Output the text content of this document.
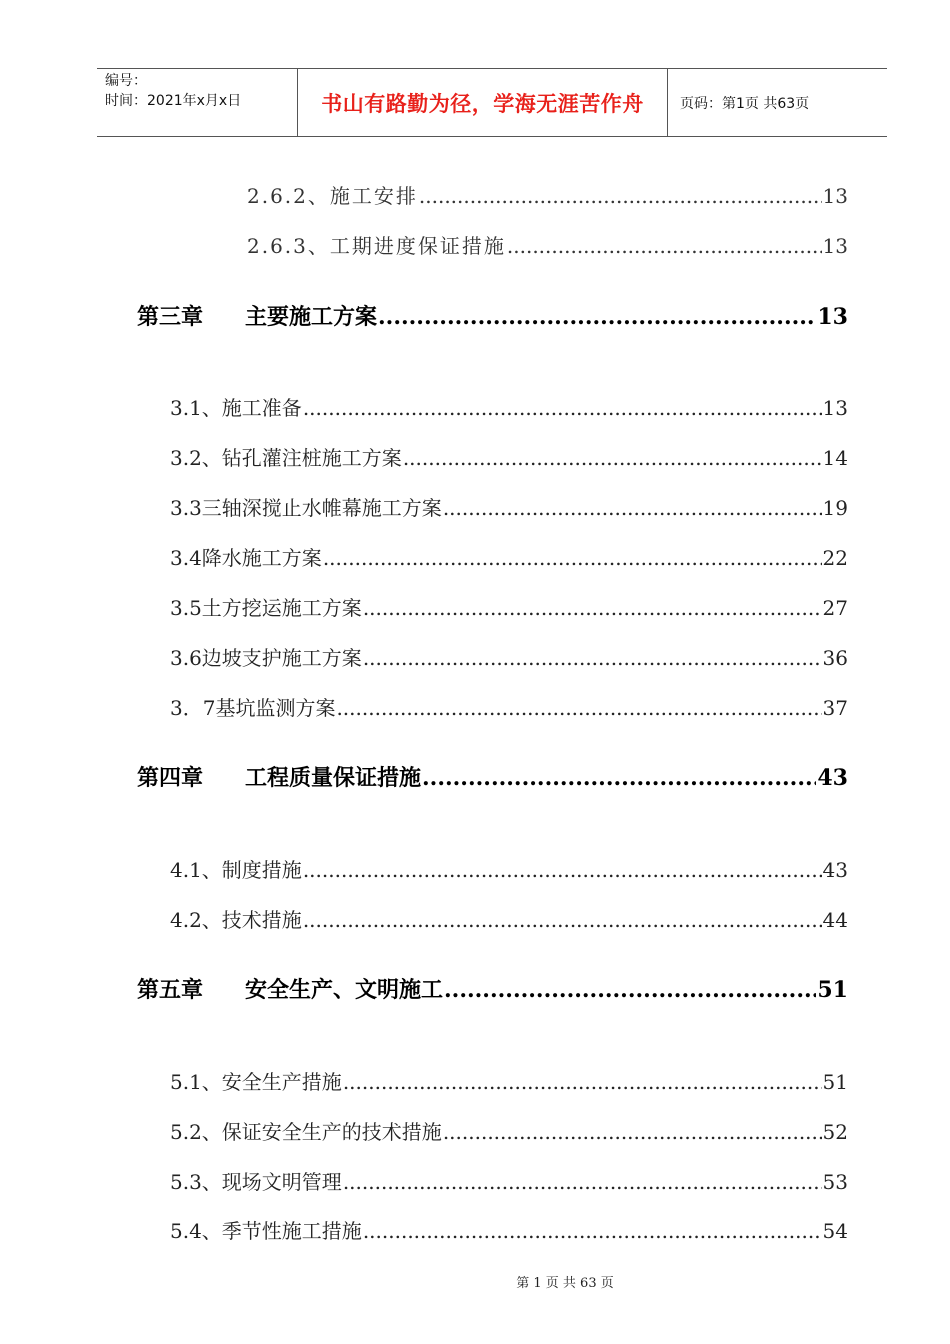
编号：
时间：2021年x月x日	书山有路勤为径，学海无涯苦作舟	页码：第1页 共63页
2.6.2、施工安排 .....	13
2.6.3、工期进度保证措施 .....	13
第三章	主要施工方案 .....	13
3.1、施工准备 .....	13
3.2、钻孔灌注桩施工方案 .....	14
3.3三轴深搅止水帷幕施工方案 .....	19
3.4降水施工方案 .....	22
3.5土方挖运施工方案 .....	27
3.6边坡支护施工方案 .....	36
3．7基坑监测方案 .....	37
第四章	工程质量保证措施 .....	43
4.1、制度措施 .....	43
4.2、技术措施 .....	44
第五章	安全生产、文明施工 .....	51
5.1、安全生产措施 .....	51
5.2、保证安全生产的技术措施 .....	52
5.3、现场文明管理 .....	53
5.4、季节性施工措施 .....	54
第 1 页 共 63 页
